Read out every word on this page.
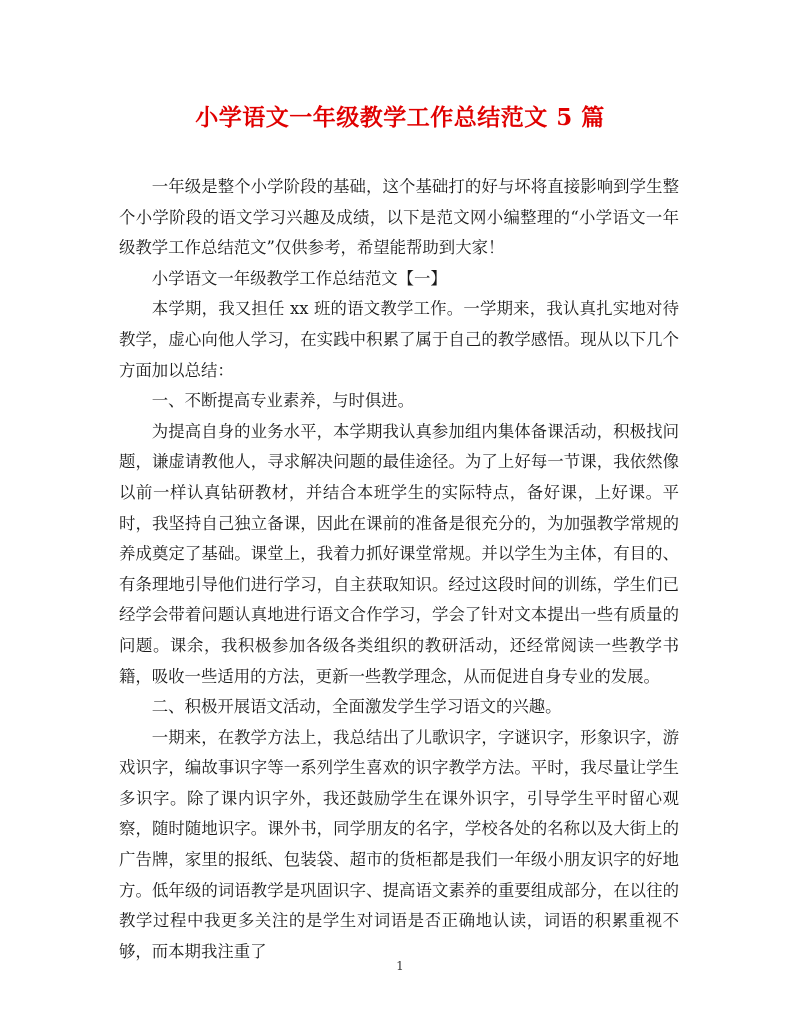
小学语文一年级教学工作总结范文 5 篇

一年级是整个小学阶段的基础，这个基础打的好与坏将直接影响到学生整个小学阶段的语文学习兴趣及成绩，以下是范文网小编整理的“小学语文一年级教学工作总结范文”仅供参考，希望能帮助到大家！

小学语文一年级教学工作总结范文【一】

本学期，我又担任 xx 班的语文教学工作。一学期来，我认真扎实地对待教学，虚心向他人学习，在实践中积累了属于自己的教学感悟。现从以下几个方面加以总结：

一、不断提高专业素养，与时俱进。

为提高自身的业务水平，本学期我认真参加组内集体备课活动，积极找问题，谦虚请教他人，寻求解决问题的最佳途径。为了上好每一节课，我依然像以前一样认真钻研教材，并结合本班学生的实际特点，备好课，上好课。平时，我坚持自己独立备课，因此在课前的准备是很充分的，为加强教学常规的养成奠定了基础。课堂上，我着力抓好课堂常规。并以学生为主体，有目的、有条理地引导他们进行学习，自主获取知识。经过这段时间的训练，学生们已经学会带着问题认真地进行语文合作学习，学会了针对文本提出一些有质量的问题。课余，我积极参加各级各类组织的教研活动，还经常阅读一些教学书籍，吸收一些适用的方法，更新一些教学理念，从而促进自身专业的发展。

二、积极开展语文活动，全面激发学生学习语文的兴趣。

一期来，在教学方法上，我总结出了儿歌识字，字谜识字，形象识字，游戏识字，编故事识字等一系列学生喜欢的识字教学方法。平时，我尽量让学生多识字。除了课内识字外，我还鼓励学生在课外识字，引导学生平时留心观察，随时随地识字。课外书，同学朋友的名字，学校各处的名称以及大街上的广告牌，家里的报纸、包装袋、超市的货柜都是我们一年级小朋友识字的好地方。低年级的词语教学是巩固识字、提高语文素养的重要组成部分，在以往的教学过程中我更多关注的是学生对词语是否正确地认读，词语的积累重视不够，而本期我注重了

1
